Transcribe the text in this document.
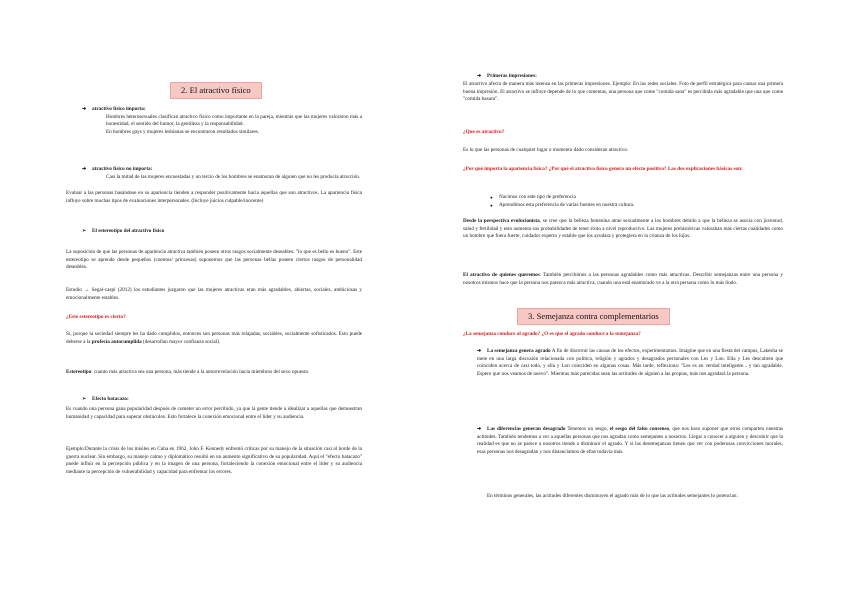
2. El atractivo físico

➔ atractivo físico importa:

Hombres heterosexuales clasifican atractivo físico como importante en la pareja, mientras que las mujeres valoraron más a honestidad, el sentido del humor, la gentileza y la responsabilidad.

En hombres gays y mujeres lesbianas se encontraron resultados similares.

➔ atractivo físico no importa:

Casi la mitad de las mujeres encuestadas y un tercio de los hombres se enamoran de alguien que no les producía atracción.

Evaluar a las personas basándose en su apariencia tienden a responder positivamente hacia aquellas que son atractivos. La apariencia física influye sobre muchas tipos de evaluaciones interpersonales. (Incluye juicios culpable/inocente)

➢ El estereotipo del atractivo físico

La suposición de que las personas de apariencia atractiva también poseen otros rasgos socialmente deseables: "lo que es bello es bueno". Este estereotipo se aprende desde pequeños (cuentos/ princesas) suponemos que las personas bellas poseen ciertos rasgos de personalidad deseables.

Estudio → Segal-caspi (2012) los estudiantes juzgaron que las mujeres atractivas eran más agradables, abiertas, sociales, ambiciosas y emocionalmente estables.

¿Este estereotipo es cierto?

Sí, porque la sociedad siempre les ha dado cumplidos, entonces son personas más relajadas, sociables, socialmente sofisticados. Esto puede deberse a la profecía autocumplida (desarrollan mayor confianza social).

Estereotipo: cuanto más atractiva sea una persona, más tiende a la autorrevelación hacia miembros del sexo opuesto.

➢ Efecto batacazo:

Es cuando una persona gana popularidad después de cometer un error percibido, ya que la gente tiende a idealizar a aquellas que demuestran humanidad y capacidad para superar obstáculos. Esto fortalece la conexión emocional entre el líder y su audiencia.

Ejemplo:Durante la crisis de los misiles en Cuba en 1962, John F. Kennedy enfrentó críticas por su manejo de la situación casi al borde de la guerra nuclear. Sin embargo, su manejo calmo y diplomático resultó en un aumento significativo de su popularidad. Aquí el "efecto batacazo" puede influir en la percepción pública y en la imagen de una persona, fortaleciendo la conexión emocional entre el líder y su audiencia mediante la percepción de vulnerabilidad y capacidad para enfrentar los errores.

➔ Primeras impresiones:

El atractivo afecta de manera más intensa en las primeras impresiones. Ejemplo: En las redes sociales: Foto de perfil estratégica para causar una primera buena impresión. El atractivo se influye depende de lo que comentas, una persona que come "comida sana" es percibida más agradable que una que come "comida basura".

¿Que es atractivo?

Es lo que las personas de cualquier lugar o momento dado consideran atractivo.

¿Por qué importa la apariencia física? ¿Por qué el atractivo físico genera un efecto positivo? Las dos explicaciones básicas son:

● Nacimos con este tipo de preferencia
● Aprendimos esta preferencia de varias fuentes en nuestra cultura.

Desde la perspectiva evolucionista, se cree que la belleza femenina atrae sexualmente a los hombres debido a que la belleza se asocia con juventud, salud y fertilidad y esto aumenta sus probabilidades de tener éxito a nivel reproductivo. Las mujeres prehistóricas valoraban más ciertas cualidades como un hombre que fuera fuerte, cuidador experto y estable que los ayudara y protegiera en la crianza de los hijos.

El atractivo de quienes queremos: También percibimos a las personas agradables como más atractivas. Describir semejanzas entre una persona y nosotros mismos hace que la persona nos parezca más atractiva, cuando una está enamorado ve a la otra persona como lo más lindo.

3. Semejanza contra complementarios

¿La semejanza conduce al agrado? ¿O es que el agrado conduce a la semejanza?

➔ La semejanza genera agrado A fin de discernir las causas de los efectos, experimentamos. Imagine que en una fiesta del campus, Lakesha se mete en una larga discusión relacionada con política, religión y agrados y desagrados personales con Les y Lon. Ella y Les descubren que coinciden acerca de casi todo, y ella y Lon coinciden en algunas cosas. Más tarde, reflexiona: "Les es en verdad inteligente... y tan agradable. Espero que nos veamos de nuevo". Mientras más parecidas sean las actitudes de alguien a las propias, más nos agradará la persona.

➔ Las diferencias generan desagrado Tenemos un sesgo, el sesgo del falso consenso, que nos hace suponer que otros comparten nuestras actitudes. También tendemos a ver a aquellas personas que nos agradan como semejantes a nosotros. Llegar a conocer a alguien y descubrir que la realidad es que no se parece a nosotros tiende a disminuir el agrado. Y si las desemejanzas tienen que ver con poderosas convicciones morales, esas personas nos desagradan y nos distanciamos de ellas todavía más.

En términos generales, las actitudes diferentes disminuyen el agrado más de lo que las actitudes semejantes lo potencian.
